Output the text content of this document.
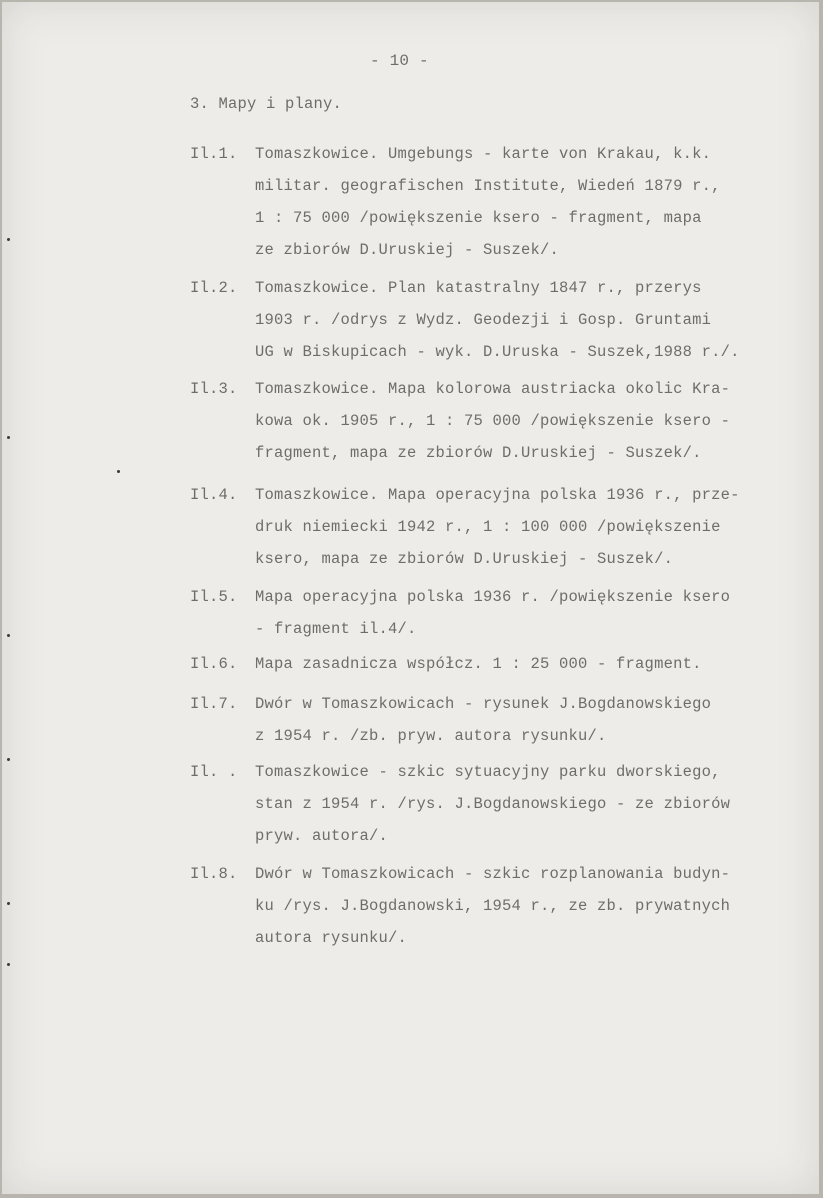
- 10 -
3. Mapy i plany.
Il.1.	Tomaszkowice. Umgebungs - karte von Krakau, k.k.
militar. geografischen Institute, Wiedeń 1879 r.,
1 : 75 000 /powiększenie ksero - fragment, mapa
ze zbiorów D.Uruskiej - Suszek/.
Il.2.	Tomaszkowice. Plan katastralny 1847 r., przerys
1903 r. /odrys z Wydz. Geodezji i Gosp. Gruntami
UG w Biskupicach - wyk. D.Uruska - Suszek,1988 r./.
Il.3.	Tomaszkowice. Mapa kolorowa austriacka okolic Kra-
kowa ok. 1905 r., 1 : 75 000 /powiększenie ksero -
fragment, mapa ze zbiorów D.Uruskiej - Suszek/.
Il.4.	Tomaszkowice. Mapa operacyjna polska 1936 r., prze-
druk niemiecki 1942 r., 1 : 100 000 /powiększenie
ksero, mapa ze zbiorów D.Uruskiej - Suszek/.
Il.5.	Mapa operacyjna polska 1936 r. /powiększenie ksero
- fragment il.4/.
Il.6.	Mapa zasadnicza współcz. 1 : 25 000 - fragment.
Il.7.	Dwór w Tomaszkowicach - rysunek J.Bogdanowskiego
z 1954 r. /zb. pryw. autora rysunku/.
Il. .	Tomaszkowice - szkic sytuacyjny parku dworskiego,
stan z 1954 r. /rys. J.Bogdanowskiego - ze zbiorów
pryw. autora/.
Il.8.	Dwór w Tomaszkowicach - szkic rozplanowania budyn-
ku /rys. J.Bogdanowski, 1954 r., ze zb. prywatnych
autora rysunku/.
